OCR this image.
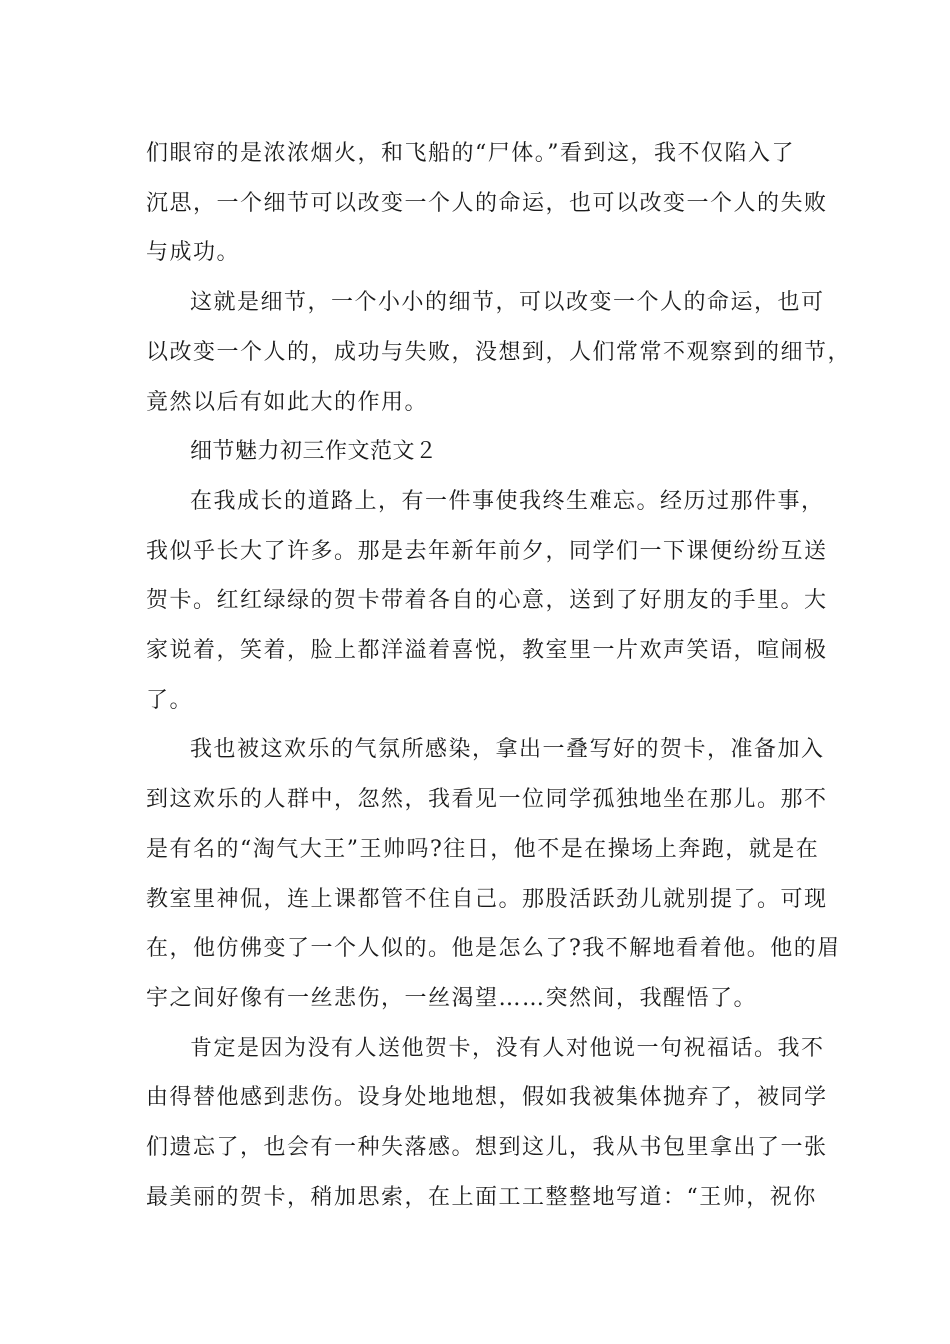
们眼帘的是浓浓烟火，和飞船的“尸体。”看到这，我不仅陷入了
沉思，一个细节可以改变一个人的命运，也可以改变一个人的失败
与成功。

这就是细节，一个小小的细节，可以改变一个人的命运，也可
以改变一个人的，成功与失败，没想到，人们常常不观察到的细节，
竟然以后有如此大的作用。

细节魅力初三作文范文２

在我成长的道路上，有一件事使我终生难忘。经历过那件事，
我似乎长大了许多。那是去年新年前夕，同学们一下课便纷纷互送
贺卡。红红绿绿的贺卡带着各自的心意，送到了好朋友的手里。大
家说着，笑着，脸上都洋溢着喜悦，教室里一片欢声笑语，喧闹极
了。

我也被这欢乐的气氛所感染，拿出一叠写好的贺卡，准备加入
到这欢乐的人群中，忽然，我看见一位同学孤独地坐在那儿。那不
是有名的“淘气大王”王帅吗?往日，他不是在操场上奔跑，就是在
教室里神侃，连上课都管不住自己。那股活跃劲儿就别提了。可现
在，他仿佛变了一个人似的。他是怎么了?我不解地看着他。他的眉
宇之间好像有一丝悲伤，一丝渴望……突然间，我醒悟了。

肯定是因为没有人送他贺卡，没有人对他说一句祝福话。我不
由得替他感到悲伤。设身处地地想，假如我被集体抛弃了，被同学
们遗忘了，也会有一种失落感。想到这儿，我从书包里拿出了一张
最美丽的贺卡，稍加思索，在上面工工整整地写道：“王帅，祝你
